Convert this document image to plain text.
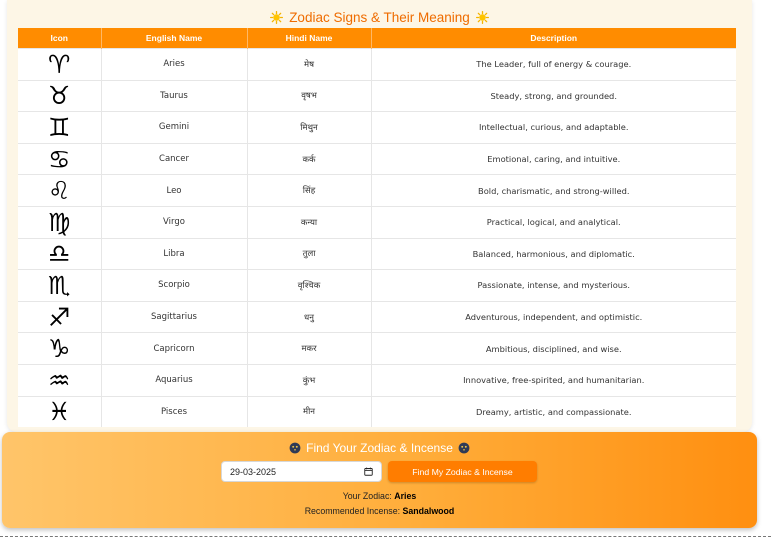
Zodiac Signs & Their Meaning
Icon	English Name	Hindi Name	Description
♈	Aries	मेष	The Leader, full of energy & courage.
♉	Taurus	वृषभ	Steady, strong, and grounded.
♊	Gemini	मिथुन	Intellectual, curious, and adaptable.
♋	Cancer	कर्क	Emotional, caring, and intuitive.
♌	Leo	सिंह	Bold, charismatic, and strong-willed.
♍	Virgo	कन्या	Practical, logical, and analytical.
♎	Libra	तुला	Balanced, harmonious, and diplomatic.
♏	Scorpio	वृश्चिक	Passionate, intense, and mysterious.
♐	Sagittarius	धनु	Adventurous, independent, and optimistic.
♑	Capricorn	मकर	Ambitious, disciplined, and wise.
♒	Aquarius	कुंभ	Innovative, free-spirited, and humanitarian.
♓	Pisces	मीन	Dreamy, artistic, and compassionate.
Find Your Zodiac & Incense
29-03-2025	Find My Zodiac & Incense
Your Zodiac: Aries
Recommended Incense: Sandalwood
